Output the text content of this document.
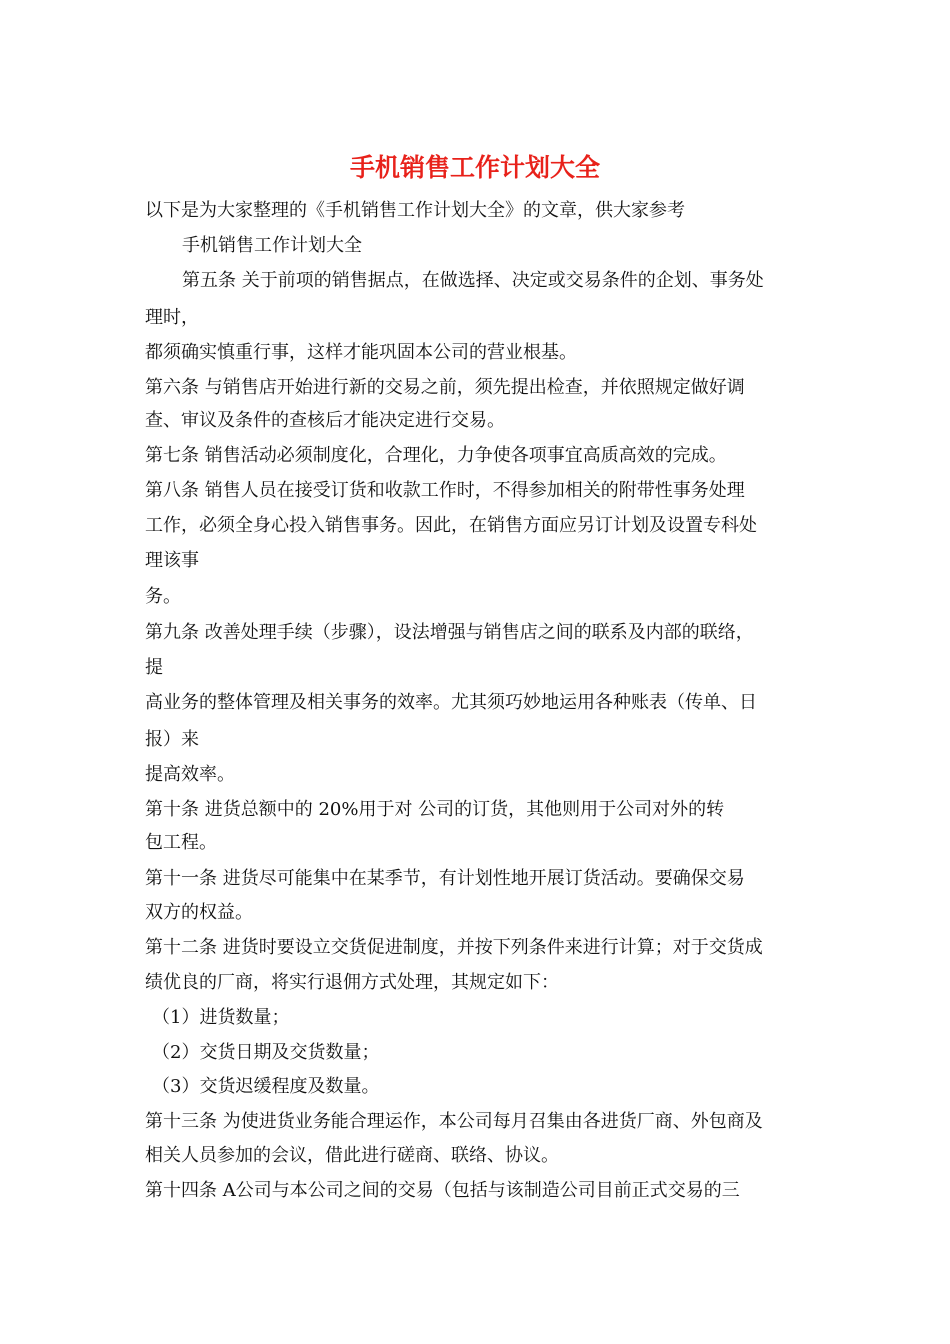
手机销售工作计划大全
以下是为大家整理的《手机销售工作计划大全》的文章，供大家参考
手机销售工作计划大全
第五条 关于前项的销售据点，在做选择、决定或交易条件的企划、事务处
理时，
都须确实慎重行事，这样才能巩固本公司的营业根基。
第六条 与销售店开始进行新的交易之前，须先提出检查，并依照规定做好调
查、审议及条件的查核后才能决定进行交易。
第七条 销售活动必须制度化，合理化，力争使各项事宜高质高效的完成。
第八条 销售人员在接受订货和收款工作时，不得参加相关的附带性事务处理
工作，必须全身心投入销售事务。因此，在销售方面应另订计划及设置专科处
理该事
务。
第九条 改善处理手续（步骤），设法增强与销售店之间的联系及内部的联络，
提
高业务的整体管理及相关事务的效率。尤其须巧妙地运用各种账表（传单、日
报）来
提高效率。
第十条 进货总额中的 20%用于对 公司的订货，其他则用于公司对外的转
包工程。
第十一条 进货尽可能集中在某季节，有计划性地开展订货活动。要确保交易
双方的权益。
第十二条 进货时要设立交货促进制度，并按下列条件来进行计算；对于交货成
绩优良的厂商，将实行退佣方式处理，其规定如下：
（1）进货数量；
（2）交货日期及交货数量；
（3）交货迟缓程度及数量。
第十三条 为使进货业务能合理运作，本公司每月召集由各进货厂商、外包商及
相关人员参加的会议，借此进行磋商、联络、协议。
第十四条 A公司与本公司之间的交易（包括与该制造公司目前正式交易的三
